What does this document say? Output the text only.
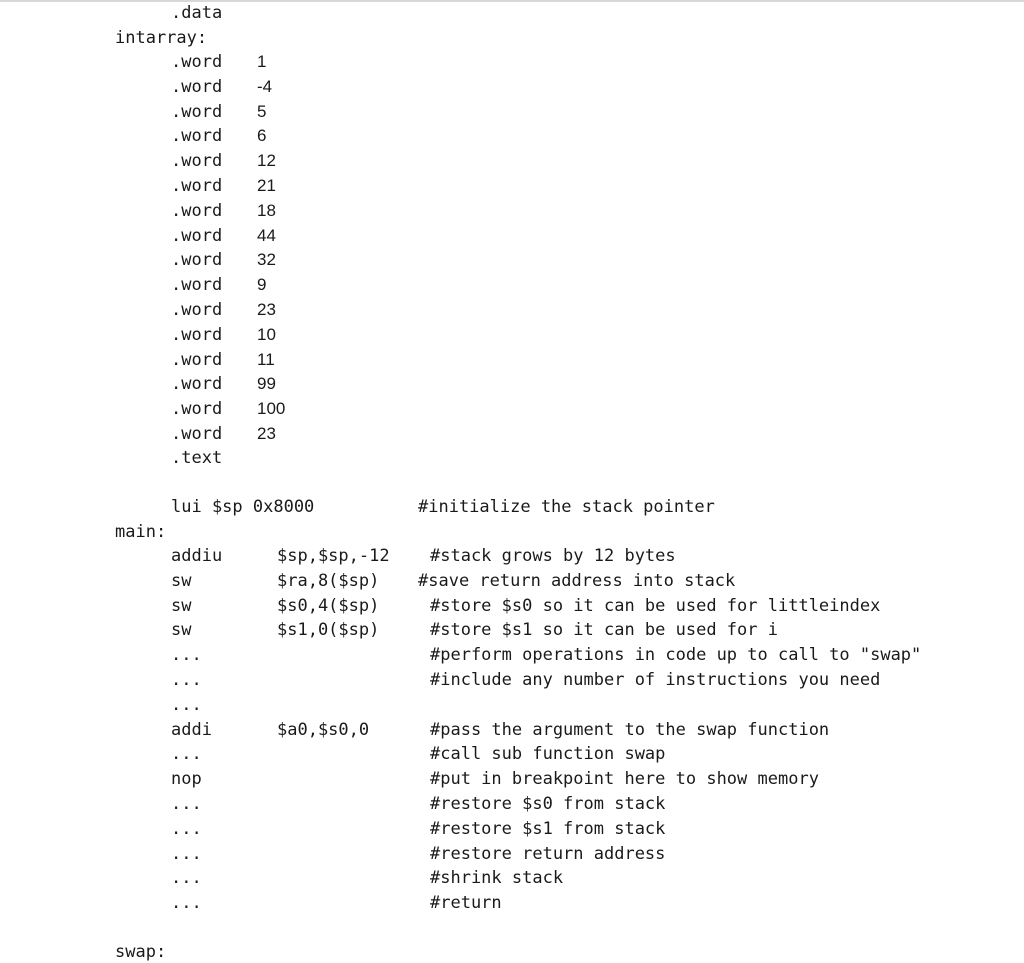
.data
intarray:
.word 1
.word -4
.word 5
.word 6
.word 12
.word 21
.word 18
.word 44
.word 32
.word 9
.word 23
.word 10
.word 11
.word 99
.word 100
.word 23
.text
lui $sp 0x8000	#initialize the stack pointer
main:
addiu	$sp,$sp,-12 #stack grows by 12 bytes
sw	$ra,8($sp) #save return address into stack
sw	$s0,4($sp)	#store $s0 so it can be used for littleindex
sw	$s1,0($sp)	#store $s1 so it can be used for i
...	#perform operations in code up to call to "swap"
...	#include any number of instructions you need
...
addi	$a0,$s0,0	#pass the argument to the swap function
...	#call sub function swap
nop	#put in breakpoint here to show memory
...	#restore $s0 from stack
...	#restore $s1 from stack
...	#restore return address
...	#shrink stack
...	#return
swap:
